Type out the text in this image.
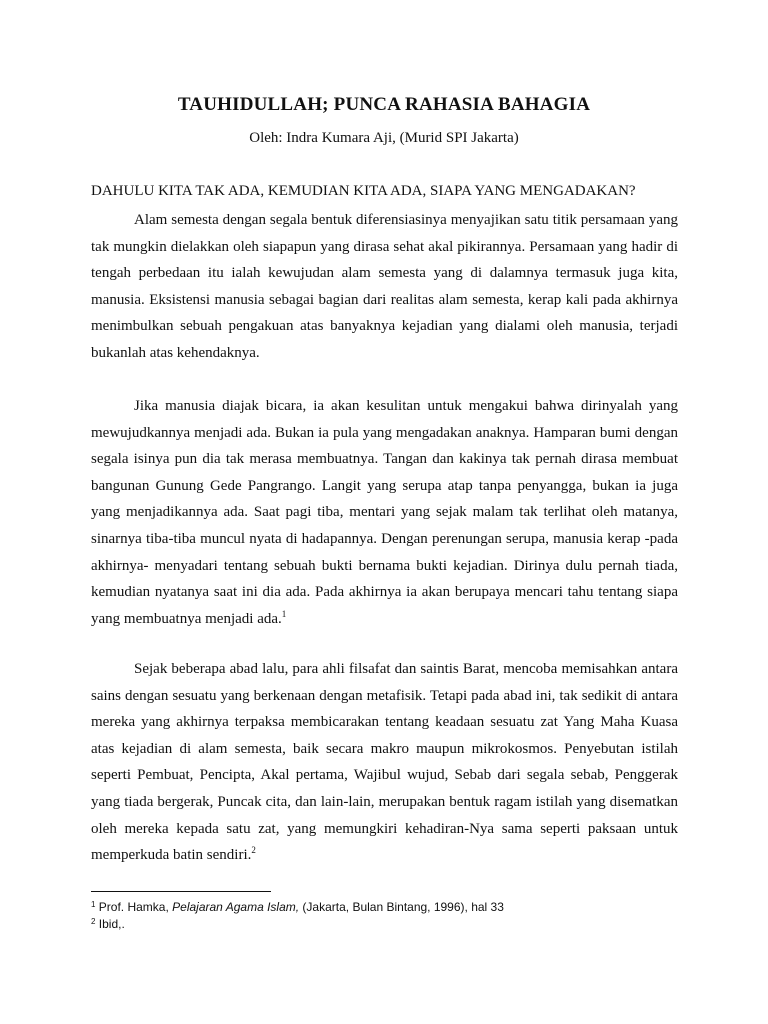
TAUHIDULLAH; PUNCA RAHASIA BAHAGIA
Oleh: Indra Kumara Aji, (Murid SPI Jakarta)
DAHULU KITA TAK ADA, KEMUDIAN KITA ADA, SIAPA YANG MENGADAKAN?

Alam semesta dengan segala bentuk diferensiasinya menyajikan satu titik persamaan yang tak mungkin dielakkan oleh siapapun yang dirasa sehat akal pikirannya. Persamaan yang hadir di tengah perbedaan itu ialah kewujudan alam semesta yang di dalamnya termasuk juga kita, manusia. Eksistensi manusia sebagai bagian dari realitas alam semesta, kerap kali pada akhirnya menimbulkan sebuah pengakuan atas banyaknya kejadian yang dialami oleh manusia, terjadi bukanlah atas kehendaknya.

Jika manusia diajak bicara, ia akan kesulitan untuk mengakui bahwa dirinyalah yang mewujudkannya menjadi ada. Bukan ia pula yang mengadakan anaknya. Hamparan bumi dengan segala isinya pun dia tak merasa membuatnya. Tangan dan kakinya tak pernah dirasa membuat bangunan Gunung Gede Pangrango. Langit yang serupa atap tanpa penyangga, bukan ia juga yang menjadikannya ada. Saat pagi tiba, mentari yang sejak malam tak terlihat oleh matanya, sinarnya tiba-tiba muncul nyata di hadapannya. Dengan perenungan serupa, manusia kerap -pada akhirnya- menyadari tentang sebuah bukti bernama bukti kejadian. Dirinya dulu pernah tiada, kemudian nyatanya saat ini dia ada. Pada akhirnya ia akan berupaya mencari tahu tentang siapa yang membuatnya menjadi ada.$^1$

Sejak beberapa abad lalu, para ahli filsafat dan saintis Barat, mencoba memisahkan antara sains dengan sesuatu yang berkenaan dengan metafisik. Tetapi pada abad ini, tak sedikit di antara mereka yang akhirnya terpaksa membicarakan tentang keadaan sesuatu zat Yang Maha Kuasa atas kejadian di alam semesta, baik secara makro maupun mikrokosmos. Penyebutan istilah seperti Pembuat, Pencipta, Akal pertama, Wajibul wujud, Sebab dari segala sebab, Penggerak yang tiada bergerak, Puncak cita, dan lain-lain, merupakan bentuk ragam istilah yang disematkan oleh mereka kepada satu zat, yang memungkiri kehadiran-Nya sama seperti paksaan untuk memperkuda batin sendiri.$^2$

$^1$ Prof. Hamka, Pelajaran Agama Islam, (Jakarta, Bulan Bintang, 1996), hal 33
$^2$ Ibid,.
